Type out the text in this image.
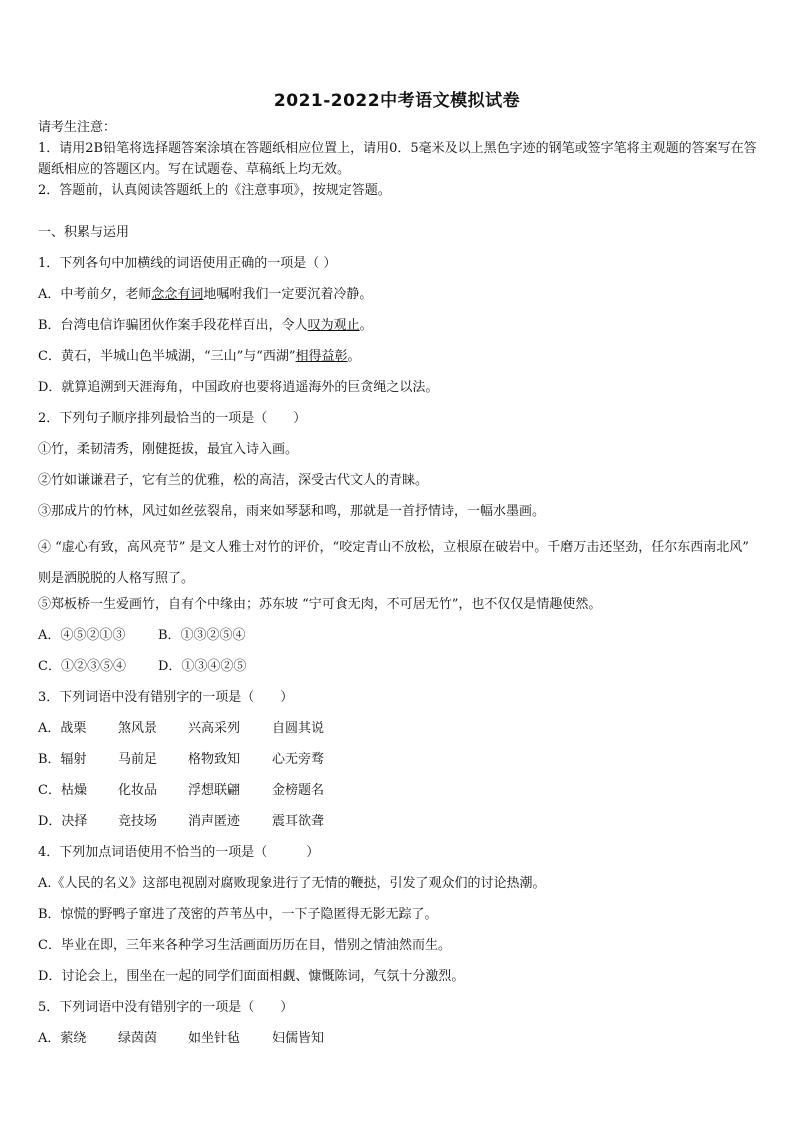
2021-2022中考语文模拟试卷

请考生注意：

1．请用2B铅笔将选择题答案涂填在答题纸相应位置上，请用0．5毫米及以上黑色字迹的钢笔或签字笔将主观题的答案写在答题纸相应的答题区内。写在试题卷、草稿纸上均无效。

2．答题前，认真阅读答题纸上的《注意事项》，按规定答题。

一、积累与运用
1．下列各句中加横线的词语使用正确的一项是（ ）
A．中考前夕，老师念念有词地嘱咐我们一定要沉着冷静。
B．台湾电信诈骗团伙作案手段花样百出，令人叹为观止。
C．黄石，半城山色半城湖，“三山”与“西湖”相得益彰。
D．就算追溯到天涯海角，中国政府也要将逍遥海外的巨贪绳之以法。
2．下列句子顺序排列最恰当的一项是（　　）
①竹，柔韧清秀，刚健挺拔，最宜入诗入画。
②竹如谦谦君子，它有兰的优雅，松的高洁，深受古代文人的青睐。
③那成片的竹林，风过如丝弦裂帛，雨来如琴瑟和鸣，那就是一首抒情诗，一幅水墨画。
④ “虚心有致，高风亮节” 是文人雅士对竹的评价，“咬定青山不放松，立根原在破岩中。千磨万击还坚劲，任尔东西南北风” 则是洒脱脱的人格写照了。
⑤郑板桥一生爱画竹，自有个中缘由；苏东坡 “宁可食无肉，不可居无竹”，也不仅仅是情趣使然。
A．④⑤②①③	B．①③②⑤④
C．①②③⑤④ D．①③④②⑤
3．下列词语中没有错别字的一项是（　　）
A．战栗 煞风景 兴高采列 自圆其说
B．辐射 马前足 格物致知 心无旁骛
C．枯燥 化妆品 浮想联翩 金榜题名
D．决择 竞技场 消声匿迹 震耳欲聋
4．下列加点词语使用不恰当的一项是（　　　）
A.《人民的名义》这部电视剧对腐败现象进行了无情的鞭挞，引发了观众们的讨论热潮。
B．惊慌的野鸭子窜进了茂密的芦苇丛中，一下子隐匿得无影无踪了。
C．毕业在即，三年来各种学习生活画面历历在目，惜别之情油然而生。
D．讨论会上，围坐在一起的同学们面面相觑、慷慨陈词，气氛十分激烈。
5．下列词语中没有错别字的一项是（　　）
A．萦绕 绿茵茵 如坐针毡 妇儒皆知
